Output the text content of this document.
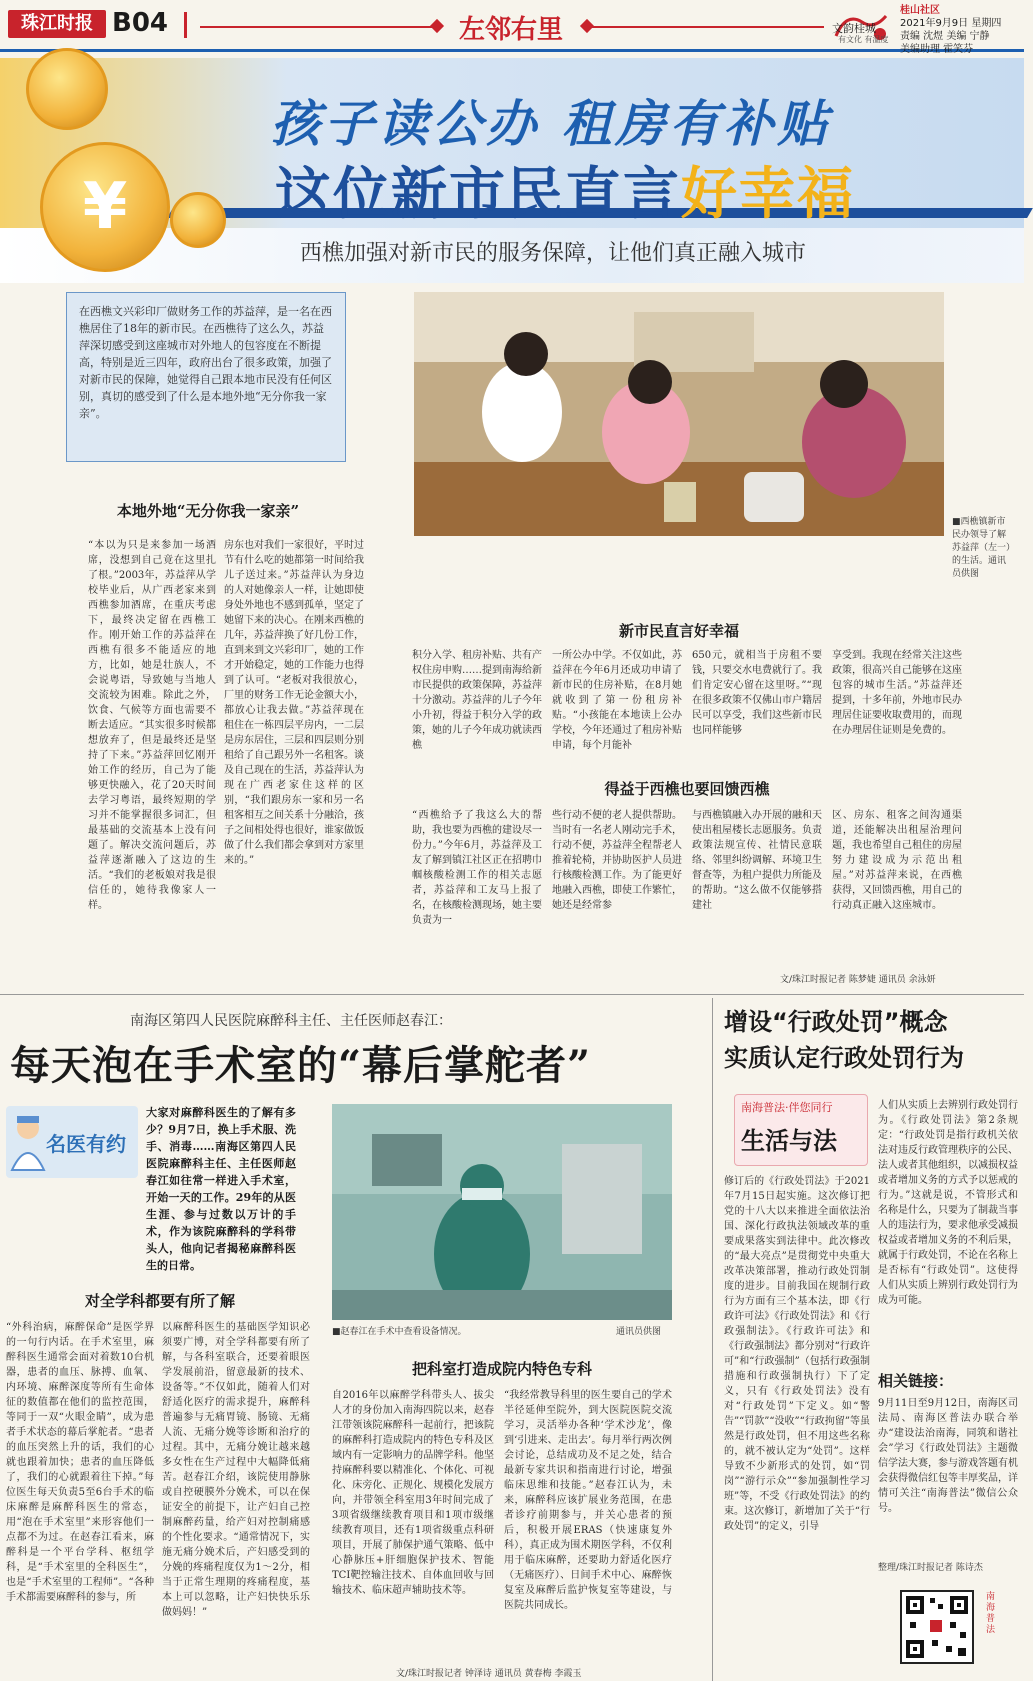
珠江时报 B04	左邻右里	文韵桂城
有文化 有温度
桂山社区
2021年9月9日 星期四
责编 沈煜 美编 宁静
美编助理 霍笑芬
¥
孩子读公办 租房有补贴
这位新市民直言好幸福
西樵加强对新市民的服务保障，让他们真正融入城市
在西樵文兴彩印厂做财务工作的苏益萍，是一名在西樵居住了18年的新市民。在西樵待了这么久，苏益萍深切感受到这座城市对外地人的包容度在不断提高，特别是近三四年，政府出台了很多政策，加强了对新市民的保障，她觉得自己跟本地市民没有任何区别，真切的感受到了什么是本地外地“无分你我一家亲”。
■西樵镇新市民办领导了解苏益萍（左一）的生活。通讯员供图
本地外地“无分你我一家亲”
“本以为只是来参加一场酒席，没想到自己竟在这里扎了根。”2003年，苏益萍从学校毕业后，从广西老家来到西樵参加酒席，在重庆考虑下，最终决定留在西樵工作。刚开始工作的苏益萍在西樵有很多不能适应的地方，比如，她是壮族人，不会说粤语，导致她与当地人交流较为困难。除此之外，饮食、气候等方面也需要不断去适应。“其实很多时候都想放弃了，但是最终还是坚持了下来。”苏益萍回忆刚开始工作的经历，自己为了能够更快融入，花了20天时间去学习粤语，最终短期的学习并不能掌握很多词汇，但最基础的交流基本上没有问题了。解决交流问题后，苏益萍逐渐融入了这边的生活。“我们的老板娘对我是很信任的，她待我像家人一样。
房东也对我们一家很好，平时过节有什么吃的她都第一时间给我儿子送过来。”苏益萍认为身边的人对她像亲人一样，让她即使身处外地也不感到孤单，坚定了她留下来的决心。在刚来西樵的几年，苏益萍换了好几份工作，直到来到文兴彩印厂，她的工作才开始稳定，她的工作能力也得到了认可。“老板对我很放心，厂里的财务工作无论金额大小，都放心让我去做。”苏益萍现在租住在一栋四层平房内，一二层是房东居住，三层和四层则分别租给了自己跟另外一名租客。谈及自己现在的生活，苏益萍认为现在广西老家住这样的区别，“我们跟房东一家和另一名租客相互之间关系十分融洽，孩子之间相处得也很好，谁家做饭做了什么我们都会拿到对方家里来的。”
新市民直言好幸福
积分入学、租房补贴、共有产权住房申购……提到南海给新市民提供的政策保障，苏益萍十分激动。苏益萍的儿子今年小升初，得益于积分入学的政策，她的儿子今年成功就读西樵
一所公办中学。不仅如此，苏益萍在今年6月还成功申请了新市民的住房补贴，在8月她就收到了第一份租房补贴。“小孩能在本地读上公办学校，今年还通过了租房补贴申请，每个月能补
650元，就相当于房租不要钱，只要交水电费就行了。我们肯定安心留在这里呀。”“现在很多政策不仅佛山市户籍居民可以享受，我们这些新市民也同样能够
享受到。我现在经常关注这些政策，很高兴自己能够在这座包容的城市生活。”苏益萍还提到，十多年前，外地市民办理居住证要收取费用的，而现在办理居住证则是免费的。
得益于西樵也要回馈西樵
“西樵给予了我这么大的帮助，我也要为西樵的建设尽一份力。”今年6月，苏益萍及工友了解到镇江社区正在招聘巾帼核酸检测工作的相关志愿者，苏益萍和工友马上报了名，在核酸检测现场，她主要负责为一
些行动不便的老人提供帮助。当时有一名老人刚动完手术，行动不便，苏益萍全程帮老人推着轮椅，并协助医护人员进行核酸检测工作。为了能更好地融入西樵，即使工作繁忙，她还是经常参
与西樵镇融入办开展的融和天使出租屋楼长志愿服务。负责政策法规宣传、社情民意联络、邻里纠纷调解、环境卫生督查等，为租户提供力所能及的帮助。“这么做不仅能够搭建社
区、房东、租客之间沟通渠道，还能解决出租屋治理问题，我也希望自己租住的房屋努力建设成为示范出租屋。”对苏益萍来说，在西樵获得，又回馈西樵，用自己的行动真正融入这座城市。
文/珠江时报记者 陈梦婕 通讯员 余泳妍
南海区第四人民医院麻醉科主任、主任医师赵春江：
每天泡在手术室的“幕后掌舵者”
名医有约
大家对麻醉科医生的了解有多少？9月7日，换上手术服、洗手、消毒……南海区第四人民医院麻醉科主任、主任医师赵春江如往常一样进入手术室，开始一天的工作。29年的从医生涯、参与过数以万计的手术，作为该院麻醉科的学科带头人，他向记者揭秘麻醉科医生的日常。
■赵春江在手术中查看设备情况。	通讯员供图
对全学科都要有所了解
“外科治病，麻醉保命”是医学界的一句行内话。在手术室里，麻醉科医生通常会面对着数10台机器，患者的血压、脉搏、血氧、内环境、麻醉深度等所有生命体征的数值都在他们的监控范围，等同于一双“火眼金睛”，成为患者手术状态的幕后掌舵者。“患者的血压突然上升的话，我们的心就也跟着加快；患者的血压降低了，我们的心就跟着往下掉。”每位医生每天负责5至6台手术的临床麻醉是麻醉科医生的常态，用“泡在手术室里”来形容他们一点都不为过。在赵春江看来，麻醉科是一个平台学科、枢纽学科，是“手术室里的全科医生”，也是“手术室里的工程师”。“各种手术都需要麻醉科的参与，所
以麻醉科医生的基础医学知识必须要广博，对全学科都要有所了解，与各科室联合，还要着眼医学发展前沿，留意最新的技术、设备等。”不仅如此，随着人们对舒适化医疗的需求提升，麻醉科普遍参与无痛胃镜、肠镜、无痛人流、无痛分娩等诊断和治疗的过程。其中，无痛分娩让越来越多女性在生产过程中大幅降低痛苦。赵春江介绍，该院使用静脉或自控硬膜外分娩术，可以在保证安全的前提下，让产妇自己控制麻醉药量，给产妇对控制痛感的个性化要求。“通常情况下，实施无痛分娩术后，产妇感受到的分娩的疼痛程度仅为1～2分，相当于正常生理期的疼痛程度，基本上可以忽略，让产妇快快乐乐做妈妈！”
把科室打造成院内特色专科
自2016年以麻醉学科带头人、拔尖人才的身份加入南海四院以来，赵春江带领该院麻醉科一起前行，把该院的麻醉科打造成院内的特色专科及区域内有一定影响力的品牌学科。他坚持麻醉科要以精准化、个体化、可视化、床旁化、正规化、规模化发展方向，并带领全科室用3年时间完成了3项省级继续教育项目和1项市级继续教育项目，还有1项省级重点科研项目，开展了肺保护通气策略、低中心静脉压+肝细胞保护技术、智能TCI靶控输注技术、自体血回收与回输技术、临床超声辅助技术等。
“我经常教导科里的医生要自己的学术半径延伸至院外，到大医院医院交流学习，灵活举办各种‘学术沙龙’，像到‘引进来、走出去’。每月举行两次例会讨论，总结成功及不足之处，结合最新专家共识和指南进行讨论，增强临床思维和技能。”赵春江认为，未来，麻醉科应该扩展业务范围，在患者诊疗前期参与，并关心患者的预后，积极开展ERAS（快速康复外科），真正成为围术期医学科，不仅利用于临床麻醉，还要助力舒适化医疗（无痛医疗）、日间手术中心、麻醉恢复室及麻醉后监护恢复室等建设，与医院共同成长。
文/珠江时报记者 钟泽诗 通讯员 黄春梅 李霞玉
增设“行政处罚”概念
实质认定行政处罚行为
南海普法·伴您同行
生活与法
修订后的《行政处罚法》于2021年7月15日起实施。这次修订把党的十八大以来推进全面依法治国、深化行政执法领域改革的重要成果落实到法律中。此次修改的“最大亮点”是贯彻党中央重大改革决策部署，推动行政处罚制度的进步。目前我国在规制行政行为方面有三个基本法，即《行政许可法》《行政处罚法》和《行政强制法》。《行政许可法》和《行政强制法》都分别对“行政许可”和“行政强制”（包括行政强制措施和行政强制执行）下了定义，只有《行政处罚法》没有对“行政处罚”下定义。如“警告”“罚款”“没收”“行政拘留”等虽然是行政处罚，但不用这些名称的，就不被认定为“处罚”。这样导致不少新形式的处罚，如“罚岗”“游行示众”“参加强制性学习班”等，不受《行政处罚法》的约束。这次修订，新增加了关于“行政处罚”的定义，引导
人们从实质上去辨别行政处罚行为。《行政处罚法》第2条规定：“行政处罚是指行政机关依法对违反行政管理秩序的公民、法人或者其他组织，以减损权益或者增加义务的方式予以惩戒的行为。”这就是说，不管形式和名称是什么，只要为了制裁当事人的违法行为，要求他承受减损权益或者增加义务的不利后果，就属于行政处罚，不论在名称上是否标有“行政处罚”。这使得人们从实质上辨别行政处罚行为成为可能。
相关链接：
9月11日至9月12日，南海区司法局、南海区普法办联合举办“建设法治南海，同筑和谐社会”学习《行政处罚法》主题微信学法大赛，参与游戏答题有机会获得微信红包等丰厚奖品，详情可关注“南海普法”微信公众号。
整理/珠江时报记者 陈诗杰
南海普法
